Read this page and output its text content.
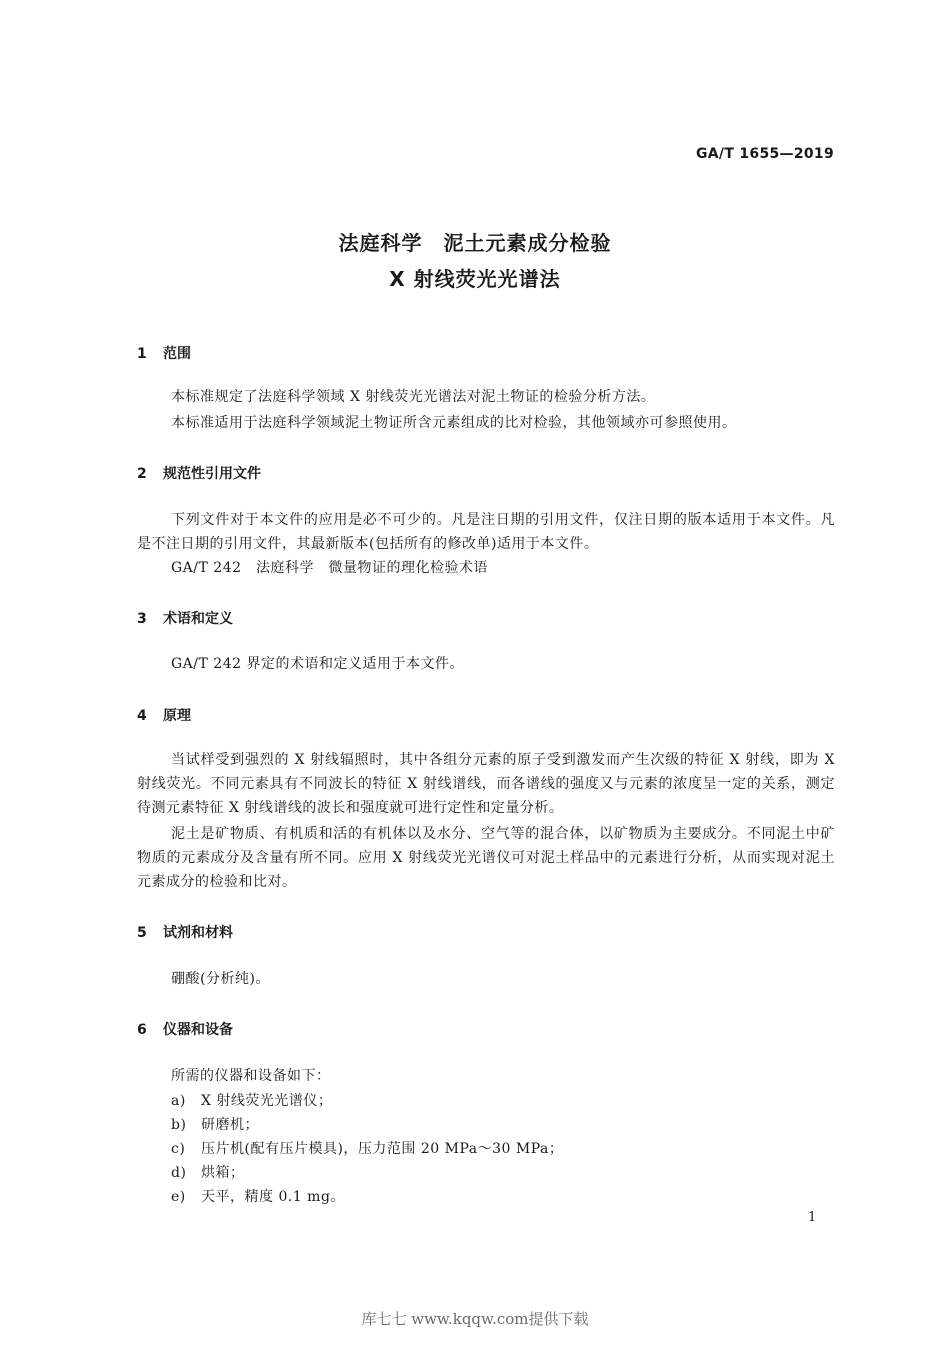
GA/T 1655—2019
法庭科学　泥土元素成分检验
X 射线荧光光谱法
1 范围
本标准规定了法庭科学领域 X 射线荧光光谱法对泥土物证的检验分析方法。
本标准适用于法庭科学领域泥土物证所含元素组成的比对检验，其他领域亦可参照使用。
2 规范性引用文件
下列文件对于本文件的应用是必不可少的。凡是注日期的引用文件，仅注日期的版本适用于本文件。凡是不注日期的引用文件，其最新版本(包括所有的修改单)适用于本文件。
GA/T 242　法庭科学　微量物证的理化检验术语
3 术语和定义
GA/T 242 界定的术语和定义适用于本文件。
4 原理
当试样受到强烈的 X 射线辐照时，其中各组分元素的原子受到激发而产生次级的特征 X 射线，即为 X 射线荧光。不同元素具有不同波长的特征 X 射线谱线，而各谱线的强度又与元素的浓度呈一定的关系，测定待测元素特征 X 射线谱线的波长和强度就可进行定性和定量分析。
泥土是矿物质、有机质和活的有机体以及水分、空气等的混合体，以矿物质为主要成分。不同泥土中矿物质的元素成分及含量有所不同。应用 X 射线荧光光谱仪可对泥土样品中的元素进行分析，从而实现对泥土元素成分的检验和比对。
5 试剂和材料
硼酸(分析纯)。
6 仪器和设备
所需的仪器和设备如下：
a) X 射线荧光光谱仪；
b) 研磨机；
c) 压片机(配有压片模具)，压力范围 20 MPa～30 MPa；
d) 烘箱；
e) 天平，精度 0.1 mg。
1
库七七 www.kqqw.com提供下载
